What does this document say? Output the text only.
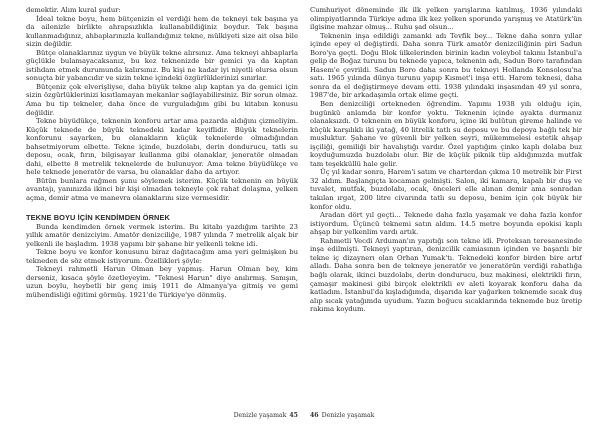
demektir. Alım kural şudur:

İdeal tekne boyu, hem bütçenizin el verdiği hem de tekneyi tek başına ya da ailenizle birlikte ahrapsızlıkla kullanabildiğiniz boydur. Tek başına kullanmadığınız, ahbaplarınızla kullandığınız tekne, mülkiyeti size ait olsa bile sizin değildir.

Bütçe olanaklarınız uygun ve büyük tekne alırsınız. Ama tekneyi ahbaplarla güçlükle bulamayacaksanız, bu kez teknenizde bir gemici ya da kaptan istihdam etmek durumunda kalırsınız. Bu kişi ne kadar iyi niyetli olursa olsun sonuçta bir yabancıdır ve sizin tekne içindeki özgürlüklerinizi sınırlar.

Bütçeniz çok elverişliyse, daha büyük tekne alıp kaptan ya da gemici için sizin özgürlüklerinizi kısıtlamayan mekanlar sağlayabilirsiniz. Bir sorun olmaz. Ama bu tip tekneler, daha önce de vurguladığım gibi bu kitabın konusu değildir.

Tekne büyüdükçe, teknenin konforu artar ama pazarda aldığını çizmeliyim. Küçük teknede de büyük teknedeki kadar keyiflidir. Büyük teknelerin konforunu sayarken, bu olanakların küçük teknelerde olmadığından bahsetmiyorum elbette. Tekne içinde, buzdolabı, derin dondurucu, tatlı su deposu, ocak, fırın, bilgisayar kullanma gibi olanaklar, jeneratör olmadan dahi, elbette 8 metrelik teknelerde de bulunuyor. Ama tekne büyüdükçe ve hele teknede jeneratör de varsa, bu olanaklar daha da artıyor.

Bütün bunlara rağmen şunu söylemek isterim. Küçük teknenin en büyük avantajı, yanınızda ikinci bir kişi olmadan tekneyle çok rahat dolaşma, yelken açma, demir atma ve manevra olanaklarını size vermesidir.

TEKNE BOYU İÇİN KENDİMDEN ÖRNEK

Bunda kendimden örnek vermek isterim. Bu kitabı yazdığım tarihte 23 yıllık amatör denizciyim. Amatör denizciliğe, 1987 yılında 7 metrelik alçak bir yelkenli ile başladım. 1938 yapımı bir şahane bir yelkenli tekne idi.

Tekne boyu ve konfor konusunu biraz dağıtacağım ama yeri gelmişken bu tekneden de söz etmek istiyorum. Özellikleri şöyle:

Tekneyi rahmetli Harun Olman bey yapmış. Harun Olman bey, kim derseniz, kısaca şöyle özetleyeyim. "Teknesi Harun" diye anılırmış. Sanışın, uzun boylu, heybetli bir genç imiş 1911 de Almanya'ya gitmiş ve gemi mühendisliği eğitimi görmüş. 1921'de Türkiye'ye dönmüş.

Denizle yaşamak 45

Cumhuriyet döneminde ilk ilk yelken yarışlarına katılmış, 1936 yılındaki olimpiyatlarında Türkiye adına ilk kez yelken sporunda yarışmış ve Atatürk'ün ilgisine mahzar olmuş... Ruhu şad olsun...

Teknenin inşa edildiği zamanki adı Tevfik bey... Tekne daha sonra yıllar içinde epey el değiştirdi. Daha sonra Türk amatör denizciliğinin piri Sadun Boro'ya geçti. Doğu Blok ülkelerinden birinin kadın voleybol takımı İstanbul'a gelip de Boğaz turunu bu teknede yapıca, teknenin adı, Sadun Boro tarafından Hasem'e çevrildi. Sadun Boro daha sonra bu tekneyi Hollanda Konsolosu'na satı. 1965 yılında dünya turunu yapıp Kısmet'i inşa etti. Harem teknesi, daha sonra da el değiştirmeye devam etti. 1938 yılındaki inşasından 49 yıl sonra, 1987'de, bir arkadaşımla ortak elime geçti.

Ben denizciliği ortekneden öğrendim. Yapımı 1938 yılı olduğu için, bugünkü anlamda bir konfor yoktu. Teknenin içinde ayakta durmanız olanaksızdı. O teknenin en büyük konforu, içine iki bulütun gireme halinde ve küçük karşılıklı iki yatağ, 40 litrelik tatlı su deposu ve bu depoya bağlı tek bir musluktur. Şahane ve güvenli bir yelken seyri, mükemmelesi estetik ahşap işçiliği, gemiliği bir havalıştığı vardır. Özel yaptığım çinko kaplı dolaba buz koyduğumuzda buzdolabı olur. Bir de küçük piknik tüp aldığımızda mutfak tam teşekküllü hale gelir.

Üç yıl kadar sonra, Harem'i satım ve charterdan çıkma 10 metrelik bir First 32 aldım. Başlangıçta kocaman gelmişti. Salon, iki kamara, kapalı bir duş ve tuvalet, mutfak, buzdolabı, ocak, önceleri elle alınan demir ama sonradan takılan ırgat, 200 litre civarında tatlı su deposu, benim için çok büyük bir konfor oldu.

Aradan dört yıl geçti... Teknede daha fazla yaşamak ve daha fazla konfor istiyordum. Üçüncü teknemi satın aldım. 14.5 metre boyunda epokisi kaplı ahşap bir yelkenlim vardı artık.

Rahmetli Vecdi Arduman'ın yapıtığı son tekne idi. Proteksan teresanesinde inşa edilmişti. Tekneyi yaptıran, denizcilik camiasının içinden ve başarılı bir tekne iç dizaynerı olan Orhan Yumak'tı. Teknedeki konfor birden bire artıf alladı. Daha sonra ben de tekneye jeneratör ve jeneratörün verdiği rahatlığa bağlı olarak, ikinci buzdolabı, derin dondurucu, buz makinesi, elektrikli fırın, çamaşır makinesi gibi birçok elektrikli ev aleti koyarak konforu daha da katladım. İstanbul'da kışladığımda, dışarıda kar yağarken teknemde sıcak duş alıp sıcak yatağımda uyudum. Yazın boğucu sıcaklarında teknemde buz üretip rakıma koydum.

46 Denizle yaşamak
